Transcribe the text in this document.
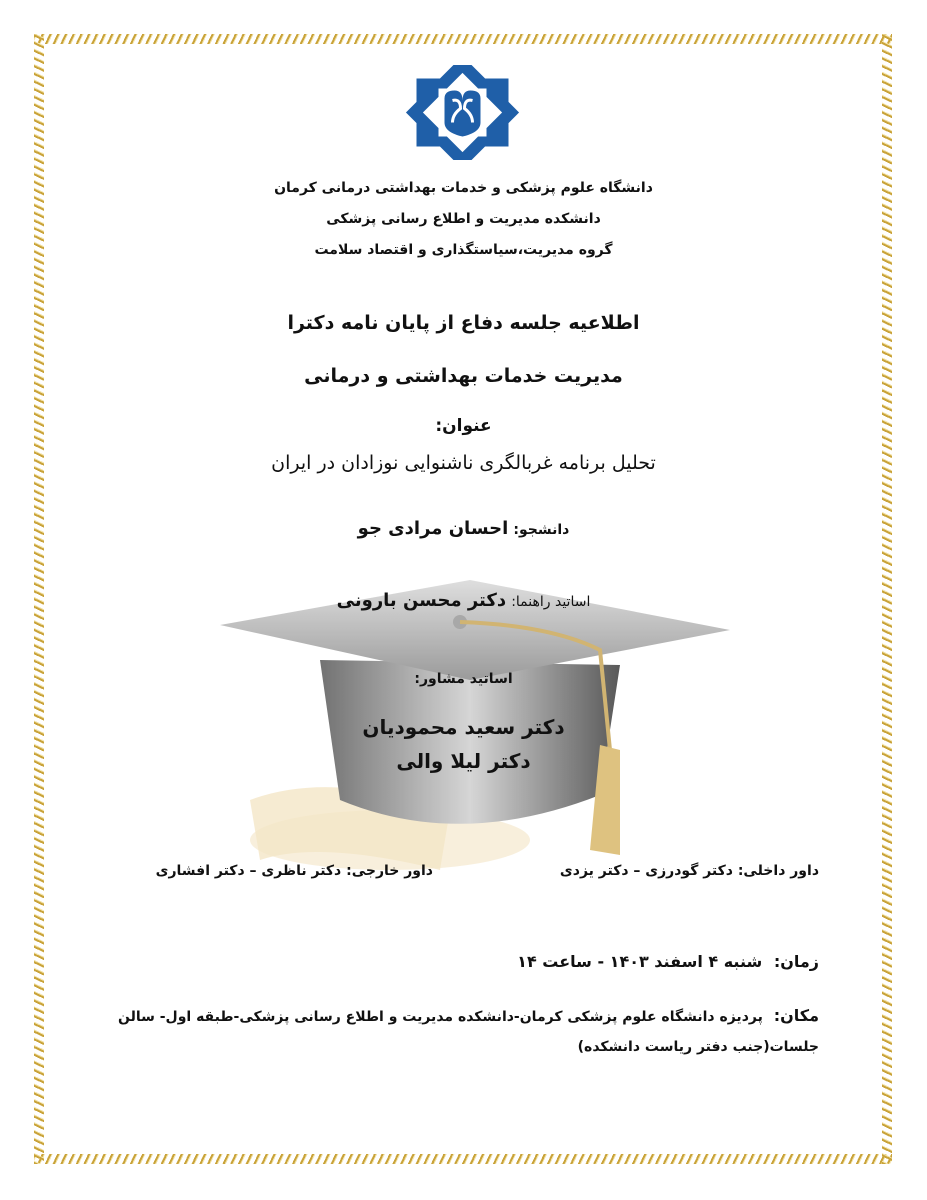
دانشگاه علوم پزشکی و خدمات بهداشتی درمانی کرمان
دانشکده مدیریت و اطلاع رسانی پزشکی
گروه مدیریت،سیاستگذاری و اقتصاد سلامت
اطلاعیه جلسه دفاع از پایان نامه دکترا
مدیریت خدمات بهداشتی و درمانی
عنوان:
تحلیل برنامه غربالگری ناشنوایی نوزادان در ایران
دانشجو: احسان مرادی جو
اساتید راهنما: دکتر محسن بارونی
اساتید مشاور:
دکتر سعید محمودیان
دکتر لیلا والی
داور داخلی: دکتر گودرزی – دکتر یزدی
داور خارجی: دکتر ناظری – دکتر افشاری
زمان: شنبه ۴ اسفند ۱۴۰۳ - ساعت ۱۴
مکان: پردیزه دانشگاه علوم پزشکی کرمان-دانشکده مدیریت و اطلاع رسانی پزشکی-طبقه اول- سالن
جلسات(جنب دفتر ریاست دانشکده)
